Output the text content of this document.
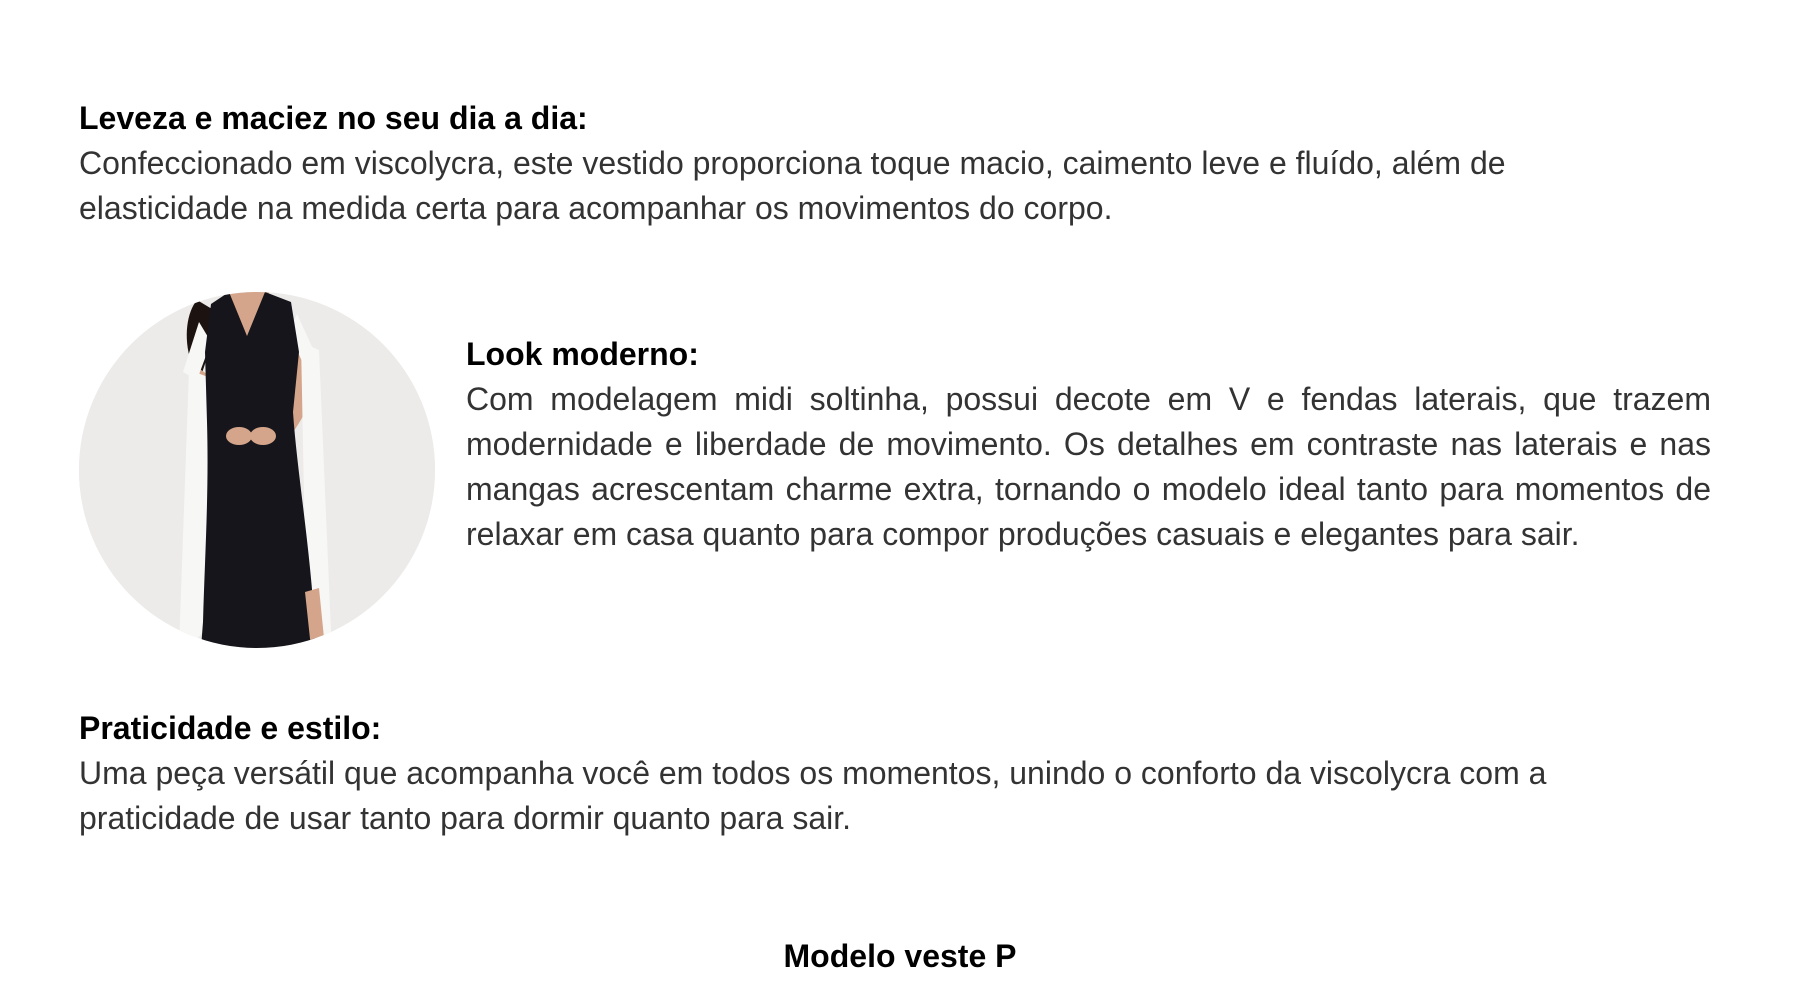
Leveza e maciez no seu dia a dia:

Confeccionado em viscolycra, este vestido proporciona toque macio, caimento leve e fluído, além de elasticidade na medida certa para acompanhar os movimentos do corpo.

Look moderno:

Com modelagem midi soltinha, possui decote em V e fendas laterais, que trazem modernidade e liberdade de movimento. Os detalhes em contraste nas laterais e nas mangas acrescentam charme extra, tornando o modelo ideal tanto para momentos de relaxar em casa quanto para compor produções casuais e elegantes para sair.

Praticidade e estilo:

Uma peça versátil que acompanha você em todos os momentos, unindo o conforto da viscolycra com a praticidade de usar tanto para dormir quanto para sair.

Modelo veste P
